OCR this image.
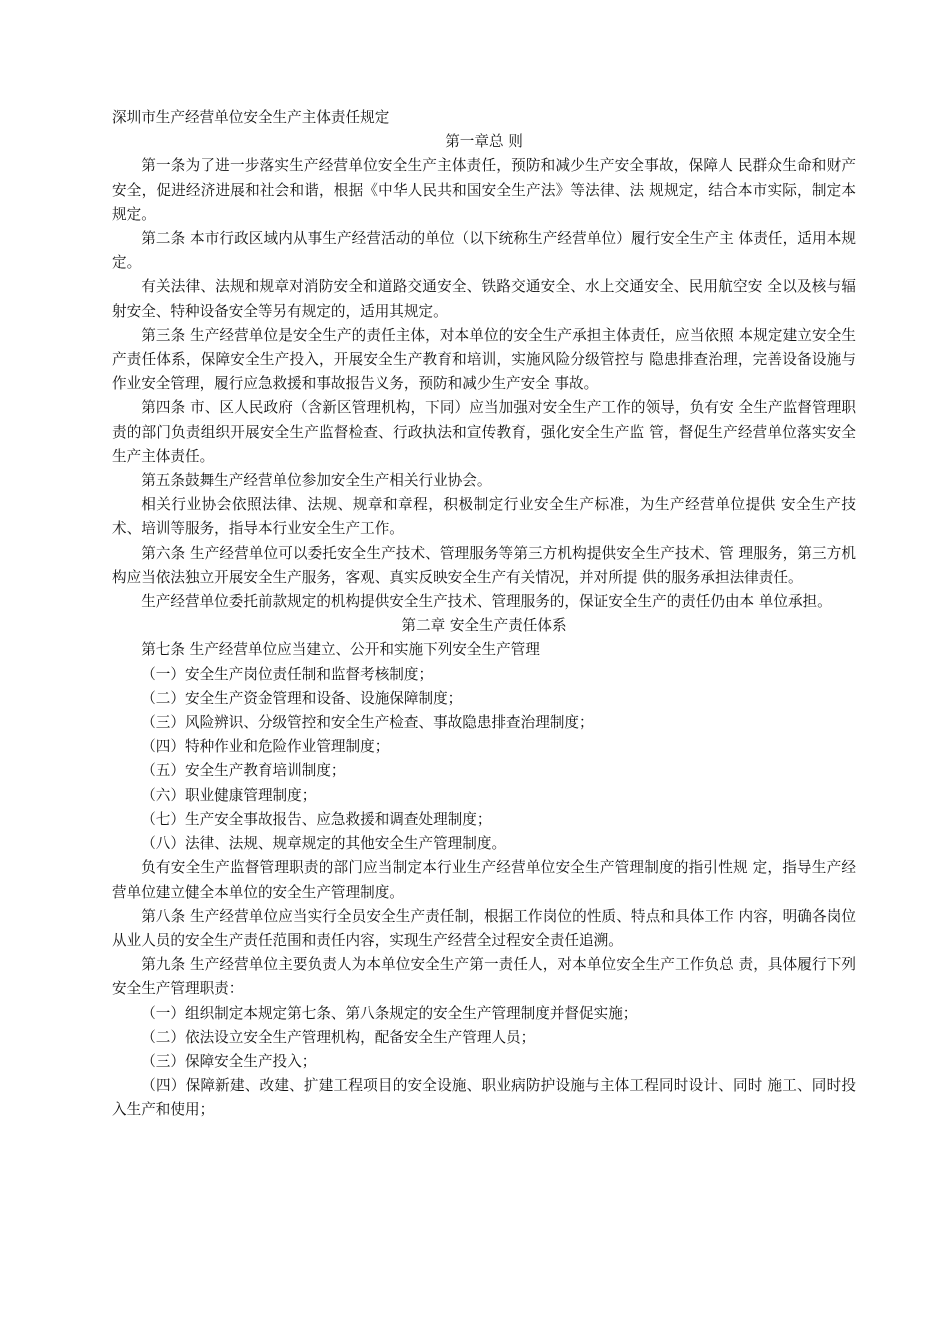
深圳市生产经营单位安全生产主体责任规定

第一章总 则

第一条为了进一步落实生产经营单位安全生产主体责任，预防和减少生产安全事故，保障人 民群众生命和财产安全，促进经济进展和社会和谐，根据《中华人民共和国安全生产法》等法律、法 规规定，结合本市实际，制定本规定。

第二条 本市行政区域内从事生产经营活动的单位（以下统称生产经营单位）履行安全生产主 体责任，适用本规定。

有关法律、法规和规章对消防安全和道路交通安全、铁路交通安全、水上交通安全、民用航空安 全以及核与辐射安全、特种设备安全等另有规定的，适用其规定。

第三条 生产经营单位是安全生产的责任主体，对本单位的安全生产承担主体责任，应当依照 本规定建立安全生产责任体系，保障安全生产投入，开展安全生产教育和培训，实施风险分级管控与 隐患排查治理，完善设备设施与作业安全管理，履行应急救援和事故报告义务，预防和减少生产安全 事故。

第四条 市、区人民政府（含新区管理机构，下同）应当加强对安全生产工作的领导，负有安 全生产监督管理职责的部门负责组织开展安全生产监督检查、行政执法和宣传教育，强化安全生产监 管，督促生产经营单位落实安全生产主体责任。

第五条鼓舞生产经营单位参加安全生产相关行业协会。

相关行业协会依照法律、法规、规章和章程，积极制定行业安全生产标准，为生产经营单位提供 安全生产技术、培训等服务，指导本行业安全生产工作。

第六条 生产经营单位可以委托安全生产技术、管理服务等第三方机构提供安全生产技术、管 理服务，第三方机构应当依法独立开展安全生产服务，客观、真实反映安全生产有关情况，并对所提 供的服务承担法律责任。

生产经营单位委托前款规定的机构提供安全生产技术、管理服务的，保证安全生产的责任仍由本 单位承担。

第二章 安全生产责任体系

第七条 生产经营单位应当建立、公开和实施下列安全生产管理

（一）安全生产岗位责任制和监督考核制度；

（二）安全生产资金管理和设备、设施保障制度；

（三）风险辨识、分级管控和安全生产检查、事故隐患排查治理制度；

（四）特种作业和危险作业管理制度；

（五）安全生产教育培训制度；

（六）职业健康管理制度；

（七）生产安全事故报告、应急救援和调查处理制度；

（八）法律、法规、规章规定的其他安全生产管理制度。

负有安全生产监督管理职责的部门应当制定本行业生产经营单位安全生产管理制度的指引性规 定，指导生产经营单位建立健全本单位的安全生产管理制度。

第八条 生产经营单位应当实行全员安全生产责任制，根据工作岗位的性质、特点和具体工作 内容，明确各岗位从业人员的安全生产责任范围和责任内容，实现生产经营全过程安全责任追溯。

第九条 生产经营单位主要负责人为本单位安全生产第一责任人，对本单位安全生产工作负总 责，具体履行下列安全生产管理职责：

（一）组织制定本规定第七条、第八条规定的安全生产管理制度并督促实施；

（二）依法设立安全生产管理机构，配备安全生产管理人员；

（三）保障安全生产投入；

（四）保障新建、改建、扩建工程项目的安全设施、职业病防护设施与主体工程同时设计、同时 施工、同时投入生产和使用；
